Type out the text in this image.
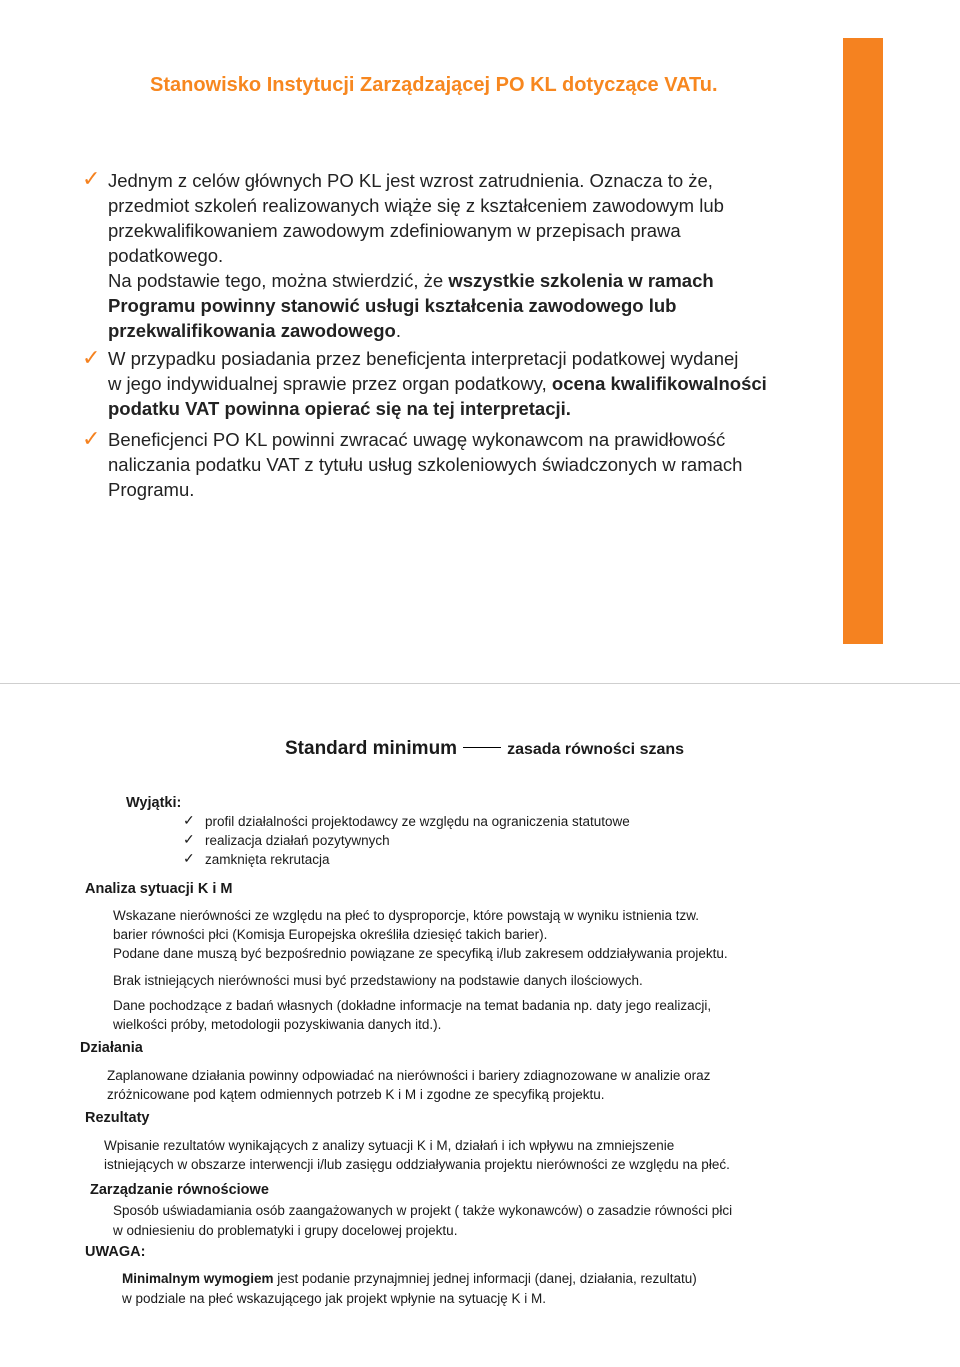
Stanowisko Instytucji Zarządzającej PO KL dotyczące VATu.
✓ Jednym z celów głównych PO KL jest wzrost zatrudnienia. Oznacza to że,
przedmiot szkoleń realizowanych wiąże się z kształceniem zawodowym lub
przekwalifikowaniem zawodowym zdefiniowanym w przepisach prawa
podatkowego.
Na podstawie tego, można stwierdzić, że wszystkie szkolenia w ramach
Programu powinny stanowić usługi kształcenia zawodowego lub
przekwalifikowania zawodowego.
✓ W przypadku posiadania przez beneficjenta interpretacji podatkowej wydanej
w jego indywidualnej sprawie przez organ podatkowy, ocena kwalifikowalności
podatku VAT powinna opierać się na tej interpretacji.
✓ Beneficjenci PO KL powinni zwracać uwagę wykonawcom na prawidłowość
naliczania podatku VAT z tytułu usług szkoleniowych świadczonych w ramach
Programu.
Standard minimum	zasada równości szans
Wyjątki:
✓ profil działalności projektodawcy ze względu na ograniczenia statutowe
✓ realizacja działań pozytywnych
✓ zamknięta rekrutacja
Analiza sytuacji K i M
Wskazane nierówności ze względu na płeć to dysproporcje, które powstają w wyniku istnienia tzw.
barier równości płci (Komisja Europejska określiła dziesięć takich barier).
Podane dane muszą być bezpośrednio powiązane ze specyfiką i/lub zakresem oddziaływania projektu.
Brak istniejących nierówności musi być przedstawiony na podstawie danych ilościowych.
Dane pochodzące z badań własnych (dokładne informacje na temat badania np. daty jego realizacji,
wielkości próby, metodologii pozyskiwania danych itd.).
Działania
Zaplanowane działania powinny odpowiadać na nierówności i bariery zdiagnozowane w analizie oraz
zróżnicowane pod kątem odmiennych potrzeb K i M i zgodne ze specyfiką projektu.
Rezultaty
Wpisanie rezultatów wynikających z analizy sytuacji K i M, działań i ich wpływu na zmniejszenie
istniejących w obszarze interwencji i/lub zasięgu oddziaływania projektu nierówności ze względu na płeć.
Zarządzanie równościowe
Sposób uświadamiania osób zaangażowanych w projekt ( także wykonawców) o zasadzie równości płci
w odniesieniu do problematyki i grupy docelowej projektu.
UWAGA:
Minimalnym wymogiem jest podanie przynajmniej jednej informacji (danej, działania, rezultatu)
w podziale na płeć wskazującego jak projekt wpłynie na sytuację K i M.
